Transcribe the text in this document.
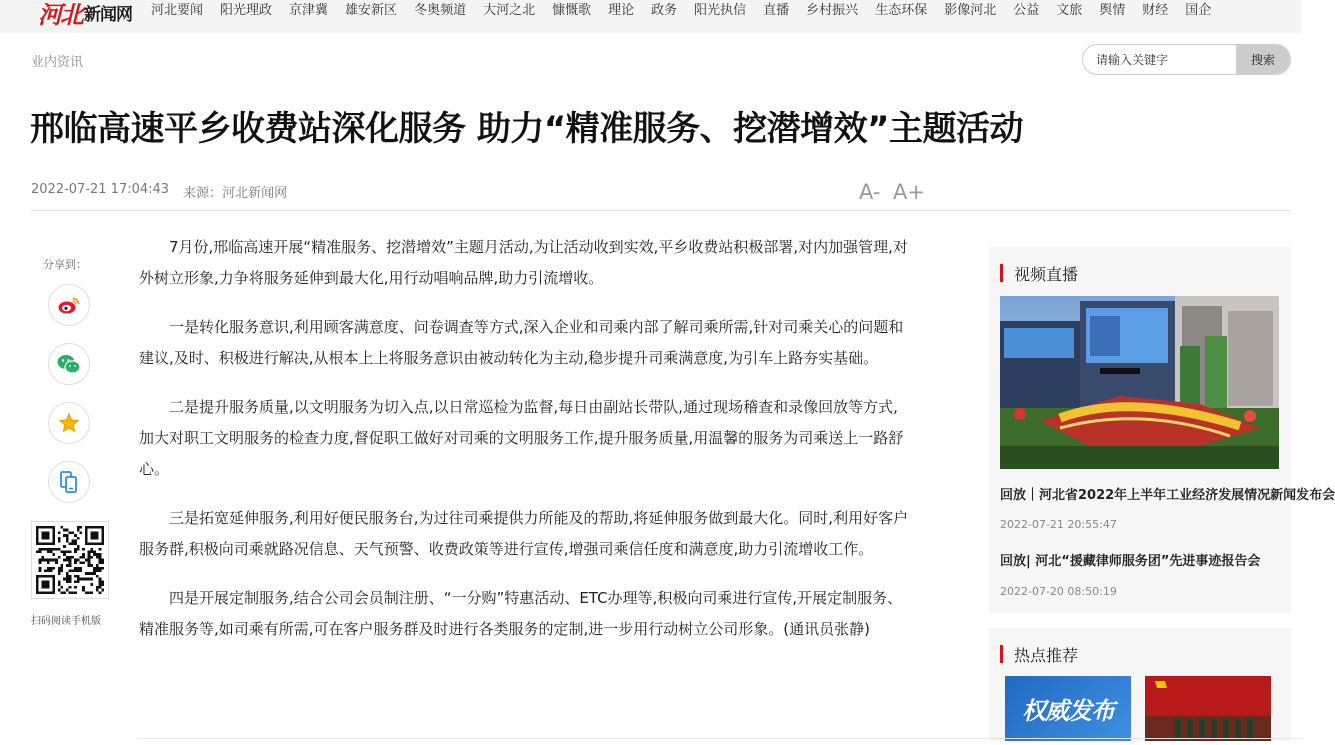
河北 新闻网 河北要闻 阳光理政 京津冀 雄安新区 冬奥频道 大河之北 慷慨歌 理论 政务 阳光执信 直播 乡村振兴 生态环保 影像河北 公益 文旅 舆情 财经 国企
业内资讯
请输入关键字	搜索
邢临高速平乡收费站深化服务 助力“精准服务、挖潜增效”主题活动
2022-07-21 17:04:43 来源：河北新闻网	A- A+
分享到：
扫码阅读手机版

7月份,邢临高速开展“精准服务、挖潜增效”主题月活动,为让活动收到实效,平乡收费站积极部署,对内加强管理,对外树立形象,力争将服务延伸到最大化,用行动唱响品牌,助力引流增收。

一是转化服务意识,利用顾客满意度、问卷调查等方式,深入企业和司乘内部了解司乘所需,针对司乘关心的问题和建议,及时、积极进行解决,从根本上上将服务意识由被动转化为主动,稳步提升司乘满意度,为引车上路夯实基础。

二是提升服务质量,以文明服务为切入点,以日常巡检为监督,每日由副站长带队,通过现场稽查和录像回放等方式,加大对职工文明服务的检查力度,督促职工做好对司乘的文明服务工作,提升服务质量,用温馨的服务为司乘送上一路舒心。

三是拓宽延伸服务,利用好便民服务台,为过往司乘提供力所能及的帮助,将延伸服务做到最大化。同时,利用好客户服务群,积极向司乘就路况信息、天气预警、收费政策等进行宣传,增强司乘信任度和满意度,助力引流增收工作。

四是开展定制服务,结合公司会员制注册、“一分购”特惠活动、ETC办理等,积极向司乘进行宣传,开展定制服务、精准服务等,如司乘有所需,可在客户服务群及时进行各类服务的定制,进一步用行动树立公司形象。(通讯员张静)

视频直播
回放｜河北省2022年上半年工业经济发展情况新闻发布会
2022-07-21 20:55:47
回放| 河北“援藏律师服务团”先进事迹报告会
2022-07-20 08:50:19
热点推荐
权威发布
